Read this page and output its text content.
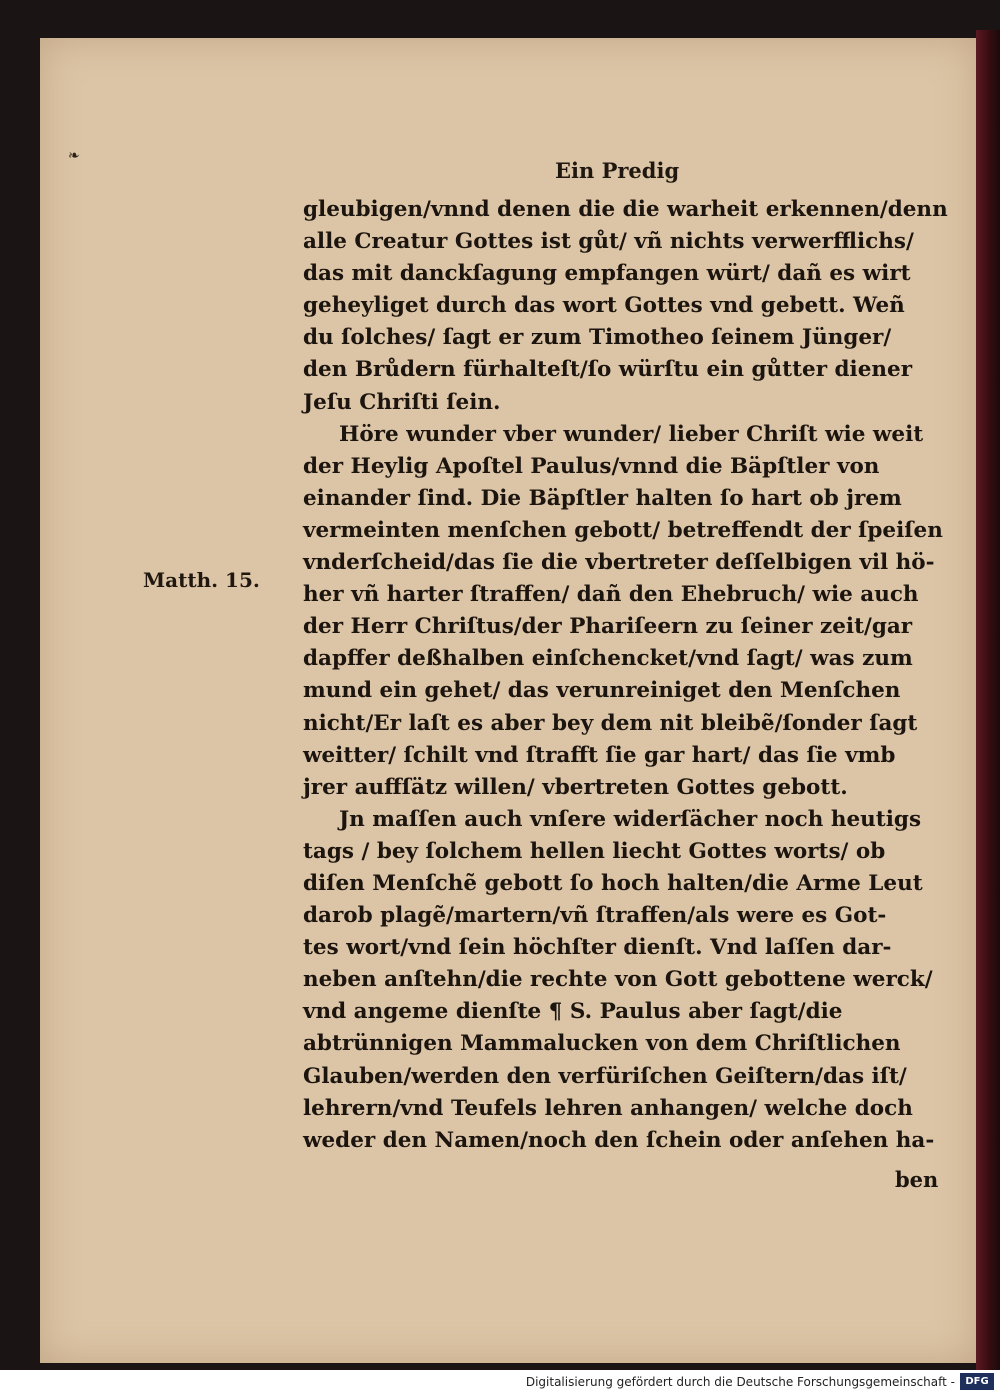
❧
Ein Predig
Matth. 15.
gleubigen/vnnd denen die die warheit erkennen/denn
alle Creatur Gottes ist gůt/ vñ nichts verwerfflichs/
das mit danckſagung empfangen würt/ dañ es wirt
geheyliget durch das wort Gottes vnd gebett. Weñ
du ſolches/ ſagt er zum Timotheo ſeinem Jünger/
den Brůdern fürhalteſt/ſo würſtu ein gůtter diener
Jeſu Chriſti ſein.
Höre wunder vber wunder/ lieber Chriſt wie weit
der Heylig Apoſtel Paulus/vnnd die Bäpſtler von
einander ſind. Die Bäpſtler halten ſo hart ob jrem
vermeinten menſchen gebott/ betreffendt der ſpeiſen
vnderſcheid/das ſie die vbertreter deſſelbigen vil hö-
her vñ harter ſtraffen/ dañ den Ehebruch/ wie auch
der Herr Chriſtus/der Phariſeern zu ſeiner zeit/gar
dapffer deßhalben einſchencket/vnd ſagt/ was zum
mund ein gehet/ das verunreiniget den Menſchen
nicht/Er laſt es aber bey dem nit bleibẽ/ſonder ſagt
weitter/ ſchilt vnd ſtrafft ſie gar hart/ das ſie vmb
jrer auffſätz willen/ vbertreten Gottes gebott.
Jn maſſen auch vnſere widerſächer noch heutigs
tags / bey ſolchem hellen liecht Gottes worts/ ob
diſen Menſchẽ gebott ſo hoch halten/die Arme Leut
darob plagẽ/martern/vñ ſtraffen/als were es Got-
tes wort/vnd ſein höchſter dienſt. Vnd laſſen dar-
neben anſtehn/die rechte von Gott gebottene werck/
vnd angeme dienſte ¶ S. Paulus aber ſagt/die
abtrünnigen Mammalucken von dem Chriſtlichen
Glauben/werden den verfüriſchen Geiſtern/das iſt/
lehrern/vnd Teufels lehren anhangen/ welche doch
weder den Namen/noch den ſchein oder anſehen ha-
ben
Digitalisierung gefördert durch die Deutsche Forschungsgemeinschaft -	DFG
